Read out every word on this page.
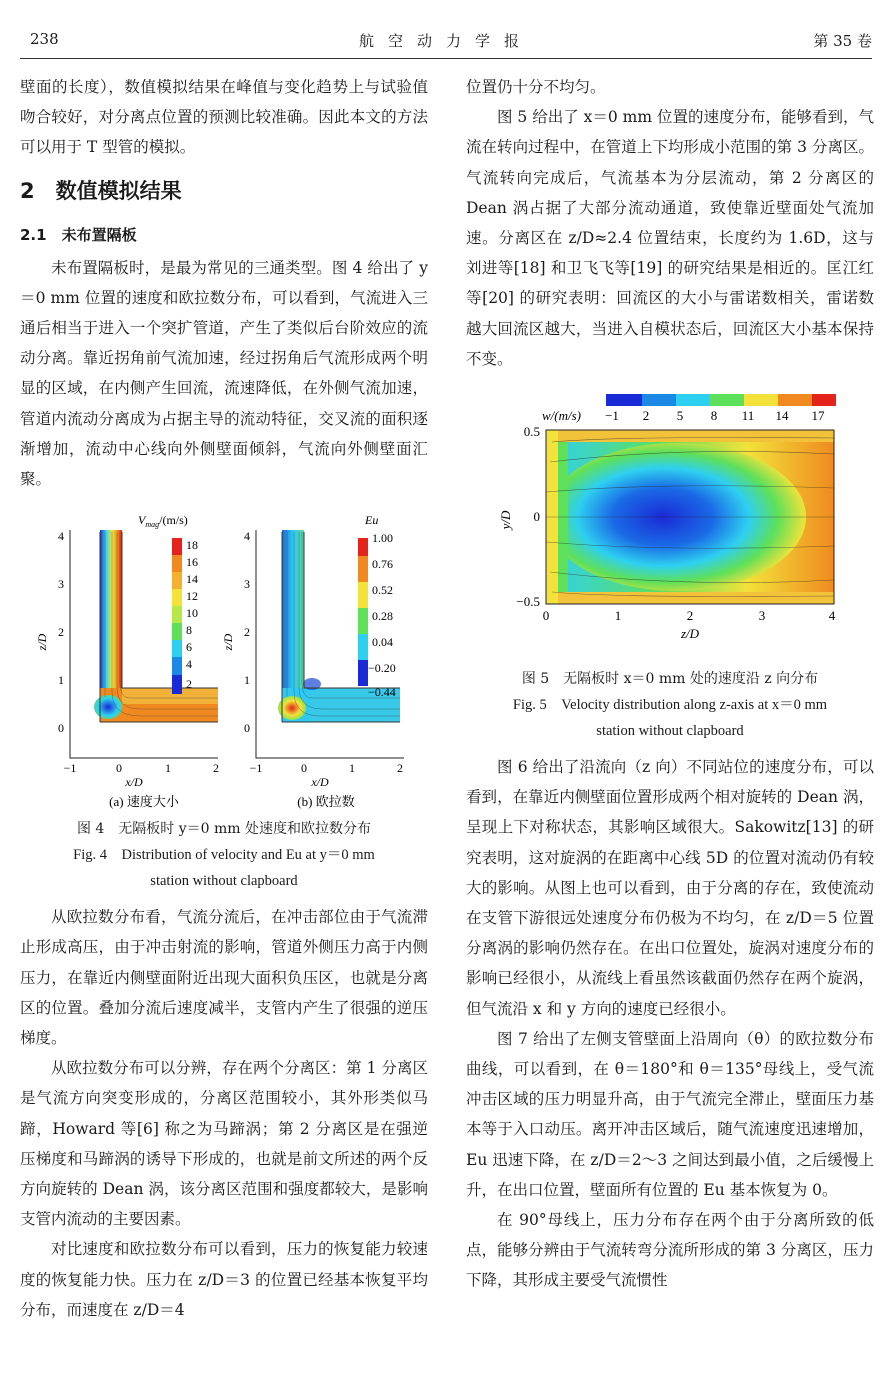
238	航空动力学报	第 35 卷

壁面的长度），数值模拟结果在峰值与变化趋势上与试验值吻合较好，对分离点位置的预测比较准确。因此本文的方法可以用于 T 型管的模拟。

2　数值模拟结果

2.1　未布置隔板

未布置隔板时，是最为常见的三通类型。图 4 给出了 y＝0 mm 位置的速度和欧拉数分布，可以看到，气流进入三通后相当于进入一个突扩管道，产生了类似后台阶效应的流动分离。靠近拐角前气流加速，经过拐角后气流形成两个明显的区域，在内侧产生回流，流速降低，在外侧气流加速，管道内流动分离成为占据主导的流动特征，交叉流的面积逐渐增加，流动中心线向外侧壁面倾斜，气流向外侧壁面汇聚。

$V_{mag}/(m/s)$
18
16
14
12
10
8
6
4
2
4
3
2
1
0
−1	0	1	2
x/D
z/D
(a) 速度大小
Eu
1.00
0.76
0.52
0.28
0.04
−0.20
−0.44
4
3
2
1
0
−1	0	1	2
x/D
z/D
(b) 欧拉数

图 4　无隔板时 y＝0 mm 处速度和欧拉数分布

Fig. 4　Distribution of velocity and Eu at y＝0 mm

station without clapboard

从欧拉数分布看，气流分流后，在冲击部位由于气流滞止形成高压，由于冲击射流的影响，管道外侧压力高于内侧压力，在靠近内侧壁面附近出现大面积负压区，也就是分离区的位置。叠加分流后速度减半，支管内产生了很强的逆压梯度。

从欧拉数分布可以分辨，存在两个分离区：第 1 分离区是气流方向突变形成的，分离区范围较小，其外形类似马蹄，Howard 等[6] 称之为马蹄涡；第 2 分离区是在强逆压梯度和马蹄涡的诱导下形成的，也就是前文所述的两个反方向旋转的 Dean 涡，该分离区范围和强度都较大，是影响支管内流动的主要因素。

对比速度和欧拉数分布可以看到，压力的恢复能力较速度的恢复能力快。压力在 z/D＝3 的位置已经基本恢复平均分布，而速度在 z/D＝4

位置仍十分不均匀。

图 5 给出了 x＝0 mm 位置的速度分布，能够看到，气流在转向过程中，在管道上下均形成小范围的第 3 分离区。气流转向完成后，气流基本为分层流动，第 2 分离区的 Dean 涡占据了大部分流动通道，致使靠近壁面处气流加速。分离区在 z/D≈2.4 位置结束，长度约为 1.6D，这与刘进等[18] 和卫飞飞等[19] 的研究结果是相近的。匡江红等[20] 的研究表明：回流区的大小与雷诺数相关，雷诺数越大回流区越大，当进入自模状态后，回流区大小基本保持不变。

w/(m/s) −1 2 5 8 11 14 17
0.5
0
−0.5
0	1	2	3	4
z/D
y/D

图 5　无隔板时 x＝0 mm 处的速度沿 z 向分布

Fig. 5　Velocity distribution along z-axis at x＝0 mm

station without clapboard

图 6 给出了沿流向（z 向）不同站位的速度分布，可以看到，在靠近内侧壁面位置形成两个相对旋转的 Dean 涡，呈现上下对称状态，其影响区域很大。Sakowitz[13] 的研究表明，这对旋涡的在距离中心线 5D 的位置对流动仍有较大的影响。从图上也可以看到，由于分离的存在，致使流动在支管下游很远处速度分布仍极为不均匀，在 z/D＝5 位置分离涡的影响仍然存在。在出口位置处，旋涡对速度分布的影响已经很小，从流线上看虽然该截面仍然存在两个旋涡，但气流沿 x 和 y 方向的速度已经很小。

图 7 给出了左侧支管壁面上沿周向（θ）的欧拉数分布曲线，可以看到，在 θ＝180°和 θ＝135°母线上，受气流冲击区域的压力明显升高，由于气流完全滞止，壁面压力基本等于入口动压。离开冲击区域后，随气流速度迅速增加，Eu 迅速下降，在 z/D＝2～3 之间达到最小值，之后缓慢上升，在出口位置，壁面所有位置的 Eu 基本恢复为 0。

在 90°母线上，压力分布存在两个由于分离所致的低点，能够分辨由于气流转弯分流所形成的第 3 分离区，压力下降，其形成主要受气流惯性
